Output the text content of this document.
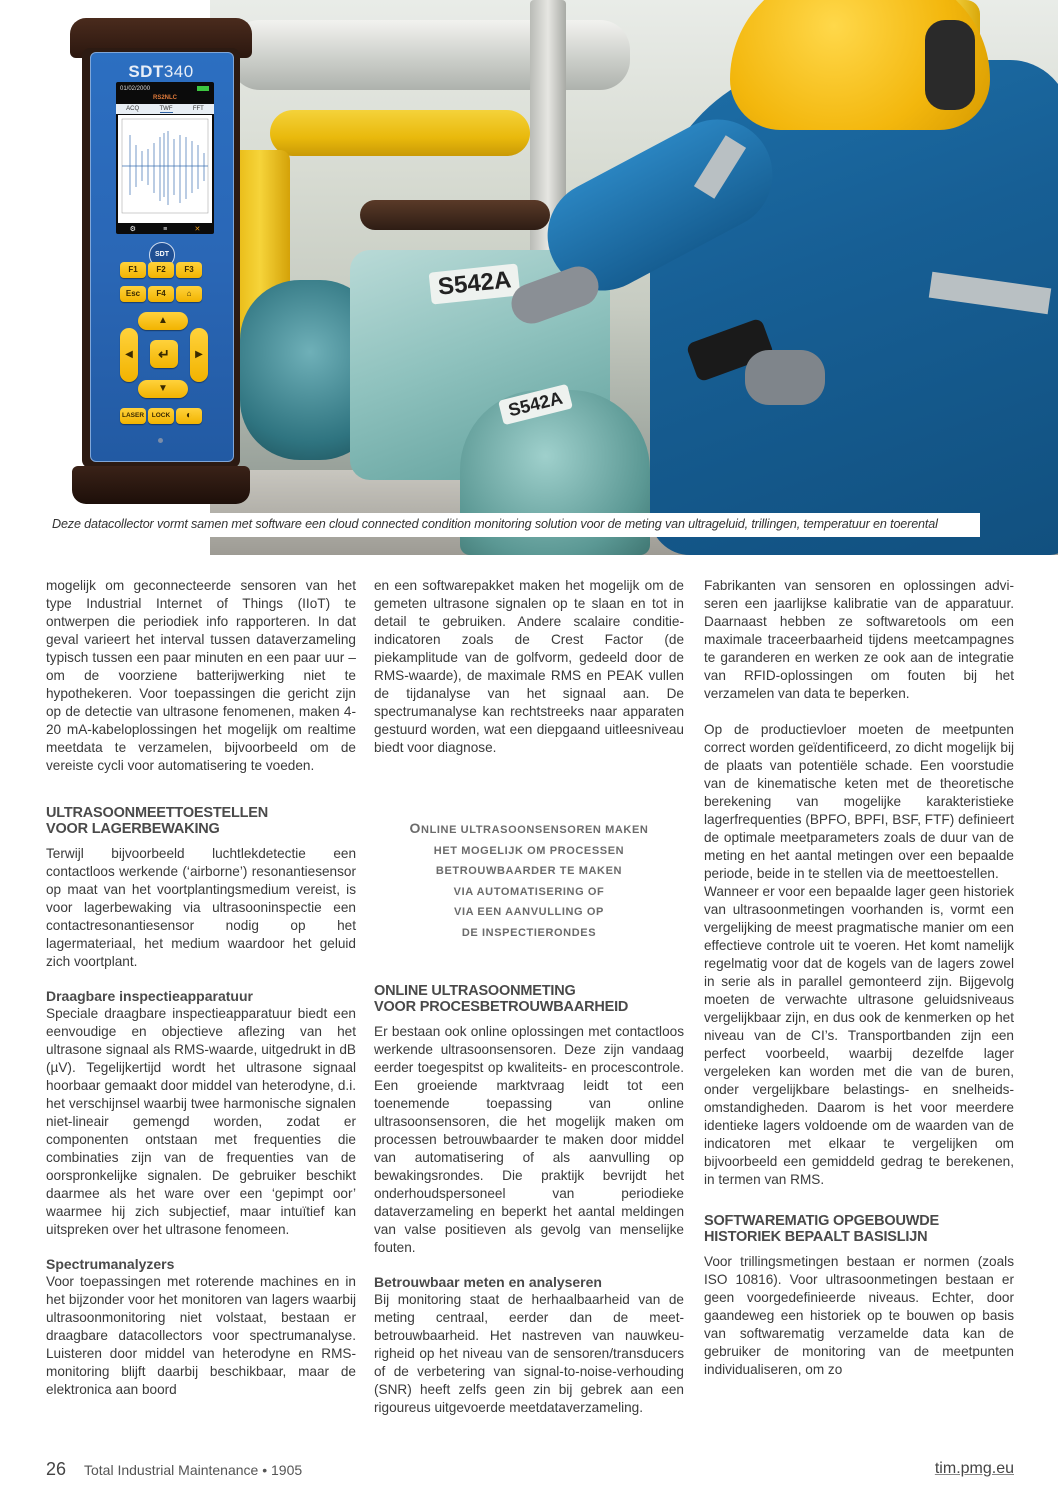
S542A
S542A
SDT340
01/02/2000
RS2NLC
ACQ	TWF	FFT
⚙	≡	✕
SDT
F1	F2	F3
Esc	F4	⌂
▲
◀	↵	▶
▼
LASER	LOCK	◐
Deze datacollector vormt samen met software een cloud connected condition monitoring solution voor de meting van ultrageluid, trillingen, temperatuur en toerental

mogelijk om geconnecteerde sensoren van het type Industrial Internet of Things (IIoT) te ontwerpen die periodiek info rapporteren. In dat geval varieert het interval tussen dataverzameling typisch tussen een paar minuten en een paar uur – om de voorziene batterijwerking niet te hypothekeren. Voor toepassingen die gericht zijn op de detectie van ultrasone fenomenen, maken 4-20 mA-kabeloplossingen het mogelijk om realtime meetdata te verzamelen, bijvoorbeeld om de vereiste cycli voor automatisering te voeden.

ULTRASOONMEETTOESTELLEN
VOOR LAGERBEWAKING

Terwijl bijvoorbeeld luchtlekdetectie een contactloos werkende (‘airborne’) resonantiesensor op maat van het voortplantingsmedium vereist, is voor lagerbewaking via ultrasooninspectie een contactresonantiesensor nodig op het lagermateriaal, het medium waardoor het geluid zich voortplant.

Draagbare inspectieapparatuur

Speciale draagbare inspectieapparatuur biedt een eenvoudige en objectieve aflezing van het ultrasone signaal als RMS-waarde, uitgedrukt in dB (µV). Tegelijkertijd wordt het ultrasone signaal hoorbaar gemaakt door middel van heterodyne, d.i. het verschijnsel waarbij twee harmonische signalen niet-lineair gemengd worden, zodat er componenten ontstaan met frequenties die combinaties zijn van de frequenties van de oorspronkelijke signalen. De gebruiker beschikt daarmee als het ware over een ‘gepimpt oor’ waarmee hij zich subjectief, maar intuïtief kan uitspreken over het ultrasone fenomeen.

Spectrumanalyzers

Voor toepassingen met roterende machines en in het bijzonder voor het monitoren van lagers waarbij ultrasoonmonitoring niet volstaat, bestaan er draagbare datacollectors voor spectrumanalyse. Luisteren door middel van heterodyne en RMS-monitoring blijft daarbij beschikbaar, maar de elektronica aan boord

en een softwarepakket maken het mogelijk om de gemeten ultrasone signalen op te slaan en tot in detail te gebruiken. Andere scalaire conditie-indicatoren zoals de Crest Factor (de piekamplitude van de golfvorm, gedeeld door de RMS-waarde), de maximale RMS en PEAK vullen de tijdanalyse van het signaal aan. De spectrumanalyse kan rechtstreeks naar apparaten gestuurd worden, wat een diepgaand uitleesniveau biedt voor diagnose.

ONLINE ULTRASOONSENSOREN MAKEN
HET MOGELIJK OM PROCESSEN
BETROUWBAARDER TE MAKEN
VIA AUTOMATISERING OF
VIA EEN AANVULLING OP
DE INSPECTIERONDES
ONLINE ULTRASOONMETING
VOOR PROCESBETROUWBAARHEID

Er bestaan ook online oplossingen met contactloos werkende ultrasoonsensoren. Deze zijn vandaag eerder toegespitst op kwaliteits- en procescontrole. Een groeiende marktvraag leidt tot een toenemende toepassing van online ultrasoonsensoren, die het mogelijk maken om processen betrouwbaarder te maken door middel van automatisering of als aanvulling op bewakingsrondes. Die praktijk bevrijdt het onderhoudspersoneel van periodieke dataverzameling en beperkt het aantal meldingen van valse positieven als gevolg van menselijke fouten.

Betrouwbaar meten en analyseren

Bij monitoring staat de herhaalbaarheid van de meting centraal, eerder dan de meetbetrouwbaarheid. Het nastreven van nauwkeurigheid op het niveau van de sensoren/transducers of de verbetering van signal-to-noise-verhouding (SNR) heeft zelfs geen zin bij gebrek aan een rigoureus uitgevoerde meetdataverzameling.

Fabrikanten van sensoren en oplossingen adviseren een jaarlijkse kalibratie van de apparatuur. Daarnaast hebben ze softwaretools om een maximale traceerbaarheid tijdens meetcampagnes te garanderen en werken ze ook aan de integratie van RFID-oplossingen om fouten bij het verzamelen van data te beperken.

Op de productievloer moeten de meetpunten correct worden geïdentificeerd, zo dicht mogelijk bij de plaats van potentiële schade. Een voorstudie van de kinematische keten met de theoretische berekening van mogelijke karakteristieke lagerfrequenties (BPFO, BPFI, BSF, FTF) definieert de optimale meetparameters zoals de duur van de meting en het aantal metingen over een bepaalde periode, beide in te stellen via de meettoestellen.

Wanneer er voor een bepaalde lager geen historiek van ultrasoonmetingen voorhanden is, vormt een vergelijking de meest pragmatische manier om een effectieve controle uit te voeren. Het komt namelijk regelmatig voor dat de kogels van de lagers zowel in serie als in parallel gemonteerd zijn. Bijgevolg moeten de verwachte ultrasone geluidsniveaus vergelijkbaar zijn, en dus ook de kenmerken op het niveau van de CI’s. Transportbanden zijn een perfect voorbeeld, waarbij dezelfde lager vergeleken kan worden met die van de buren, onder vergelijkbare belastings- en snelheidsomstandigheden. Daarom is het voor meerdere identieke lagers voldoende om de waarden van de indicatoren met elkaar te vergelijken om bijvoorbeeld een gemiddeld gedrag te berekenen, in termen van RMS.

SOFTWAREMATIG OPGEBOUWDE
HISTORIEK BEPAALT BASISLIJN

Voor trillingsmetingen bestaan er normen (zoals ISO 10816). Voor ultrasoonmetingen bestaan er geen voorgedefinieerde niveaus. Echter, door gaandeweg een historiek op te bouwen op basis van softwarematig verzamelde data kan de gebruiker de monitoring van de meetpunten individualiseren, om zo

26 Total Industrial Maintenance • 1905	tim.pmg.eu
